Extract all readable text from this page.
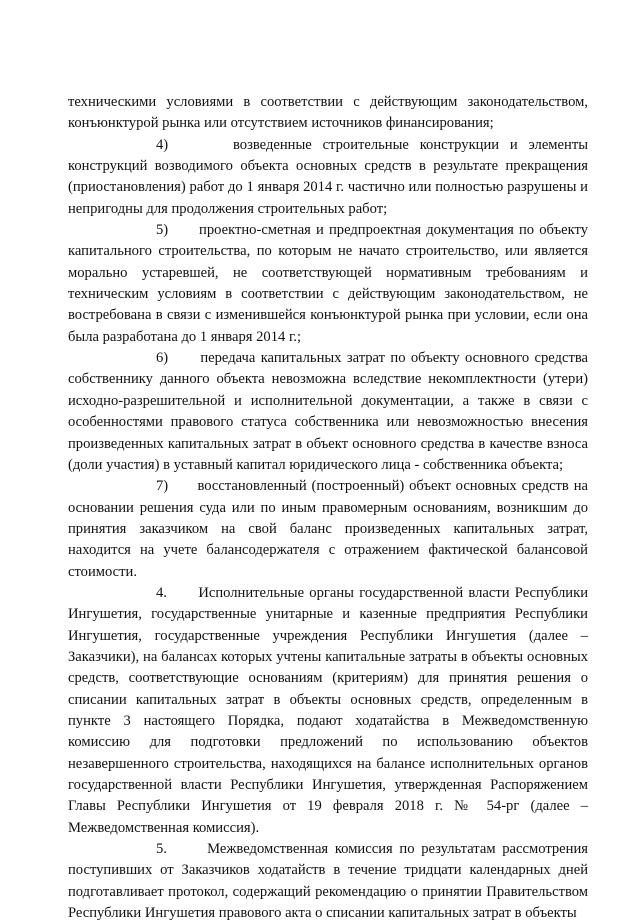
техническими условиями в соответствии с действующим законодательством, конъюнктурой рынка или отсутствием источников финансирования;

4)	возведенные строительные конструкции и элементы конструкций возводимого объекта основных средств в результате прекращения (приостановления) работ до 1 января 2014 г. частично или полностью разрушены и непригодны для продолжения строительных работ;

5) проектно-сметная и предпроектная документация по объекту капитального строительства, по которым не начато строительство, или является морально устаревшей, не соответствующей нормативным требованиям и техническим условиям в соответствии с действующим законодательством, не востребована в связи с изменившейся конъюнктурой рынка при условии, если она была разработана до 1 января 2014 г.;

6) передача капитальных затрат по объекту основного средства собственнику данного объекта невозможна вследствие некомплектности (утери) исходно-разрешительной и исполнительной документации, а также в связи с особенностями правового статуса собственника или невозможностью внесения произведенных капитальных затрат в объект основного средства в качестве взноса (доли участия) в уставный капитал юридического лица - собственника объекта;

7) восстановленный (построенный) объект основных средств на основании решения суда или по иным правомерным основаниям, возникшим до принятия заказчиком на свой баланс произведенных капитальных затрат, находится на учете балансодержателя с отражением фактической балансовой стоимости.

4. Исполнительные органы государственной власти Республики Ингушетия, государственные унитарные и казенные предприятия Республики Ингушетия, государственные учреждения Республики Ингушетия (далее – Заказчики), на балансах которых учтены капитальные затраты в объекты основных средств, соответствующие основаниям (критериям) для принятия решения о списании капитальных затрат в объекты основных средств, определенным в пункте 3 настоящего Порядка, подают ходатайства в Межведомственную комиссию для подготовки предложений по использованию объектов незавершенного строительства, находящихся на балансе исполнительных органов государственной власти Республики Ингушетия, утвержденная Распоряжением Главы Республики Ингушетия от 19 февраля 2018 г. № 54-рг (далее – Межведомственная комиссия).

5.	Межведомственная комиссия по результатам рассмотрения поступивших от Заказчиков ходатайств в течение тридцати календарных дней подготавливает протокол, содержащий рекомендацию о принятии Правительством Республики Ингушетия правового акта о списании капитальных затрат в объекты
